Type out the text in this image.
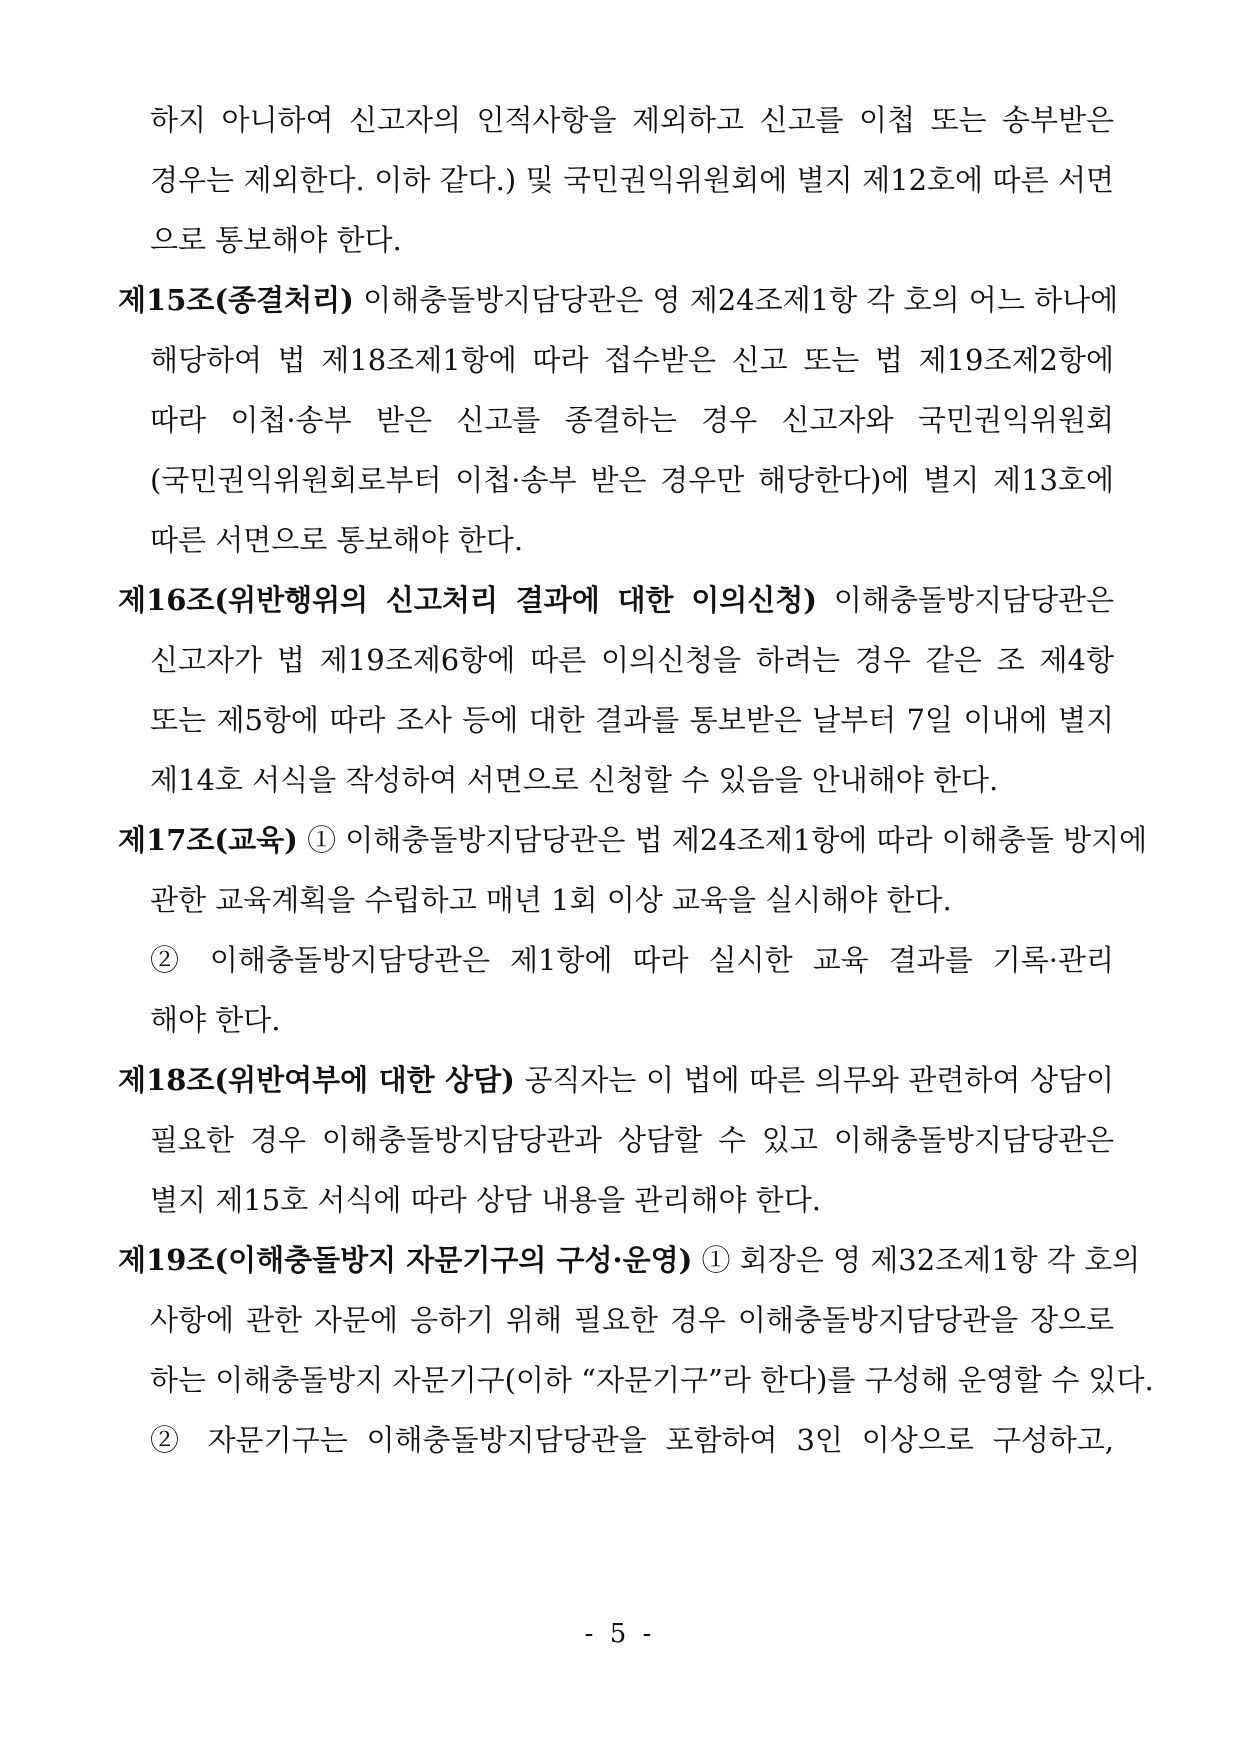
하지 아니하여 신고자의 인적사항을 제외하고 신고를 이첩 또는 송부받은
경우는 제외한다. 이하 같다.) 및 국민권익위원회에 별지 제12호에 따른 서면
으로 통보해야 한다.
제15조(종결처리) 이해충돌방지담당관은 영 제24조제1항 각 호의 어느 하나에
해당하여 법 제18조제1항에 따라 접수받은 신고 또는 법 제19조제2항에
따라 이첩·송부 받은 신고를 종결하는 경우 신고자와 국민권익위원회
(국민권익위원회로부터 이첩·송부 받은 경우만 해당한다)에 별지 제13호에
따른 서면으로 통보해야 한다.
제16조(위반행위의 신고처리 결과에 대한 이의신청) 이해충돌방지담당관은
신고자가 법 제19조제6항에 따른 이의신청을 하려는 경우 같은 조 제4항
또는 제5항에 따라 조사 등에 대한 결과를 통보받은 날부터 7일 이내에 별지
제14호 서식을 작성하여 서면으로 신청할 수 있음을 안내해야 한다.
제17조(교육) ① 이해충돌방지담당관은 법 제24조제1항에 따라 이해충돌 방지에
관한 교육계획을 수립하고 매년 1회 이상 교육을 실시해야 한다.
② 이해충돌방지담당관은 제1항에 따라 실시한 교육 결과를 기록·관리
해야 한다.
제18조(위반여부에 대한 상담) 공직자는 이 법에 따른 의무와 관련하여 상담이
필요한 경우 이해충돌방지담당관과 상담할 수 있고 이해충돌방지담당관은
별지 제15호 서식에 따라 상담 내용을 관리해야 한다.
제19조(이해충돌방지 자문기구의 구성·운영) ① 회장은 영 제32조제1항 각 호의
사항에 관한 자문에 응하기 위해 필요한 경우 이해충돌방지담당관을 장으로
하는 이해충돌방지 자문기구(이하 “자문기구”라 한다)를 구성해 운영할 수 있다.
② 자문기구는 이해충돌방지담당관을 포함하여 3인 이상으로 구성하고,
- 5 -
